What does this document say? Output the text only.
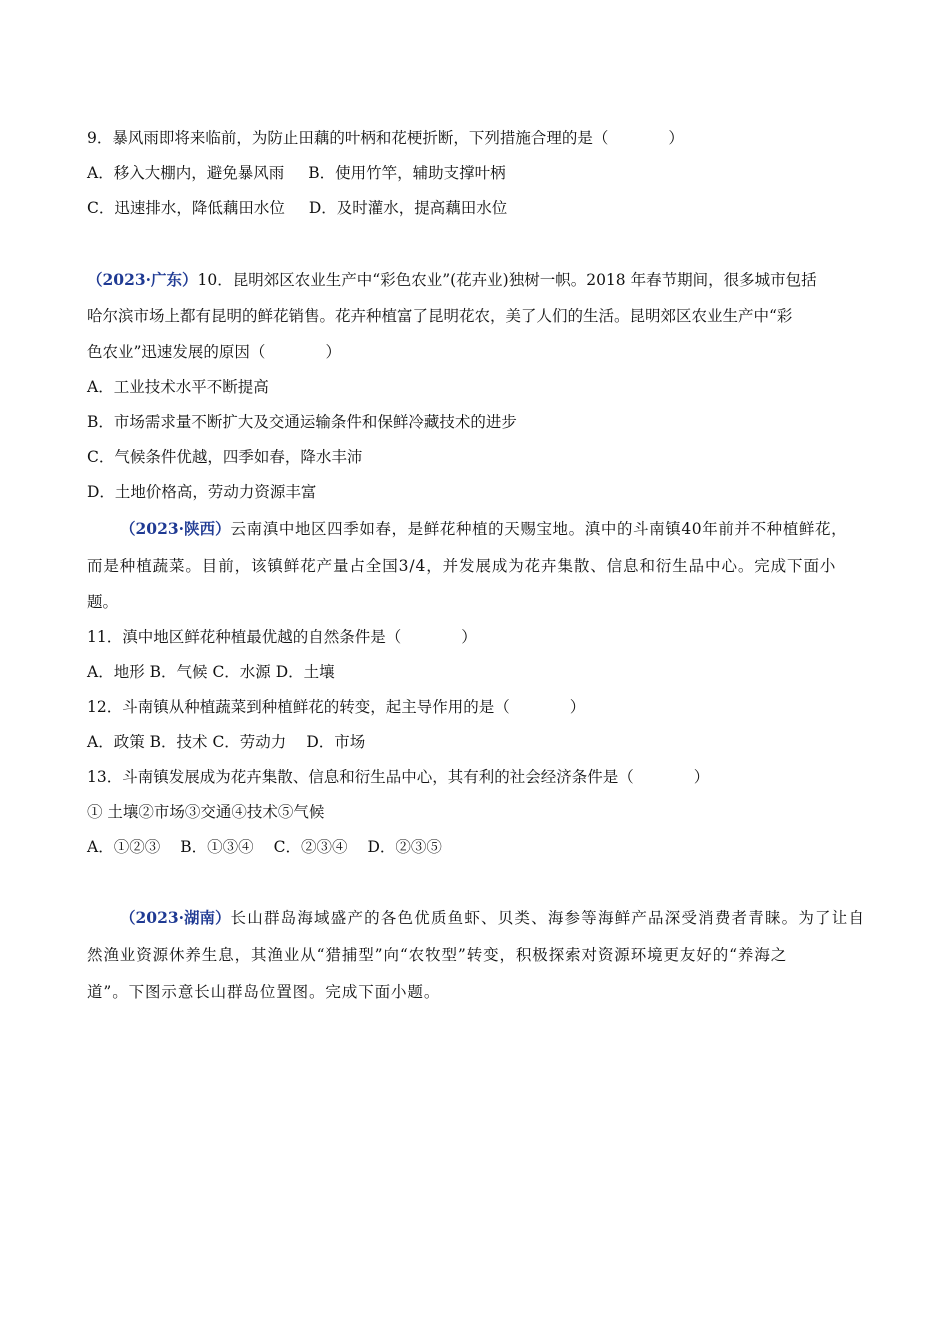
9．暴风雨即将来临前，为防止田藕的叶柄和花梗折断，下列措施合理的是（	）
A．移入大棚内，避免暴风雨 B．使用竹竿，辅助支撑叶柄
C．迅速排水，降低藕田水位 D．及时灌水，提高藕田水位
（2023·广东）10．昆明郊区农业生产中“彩色农业”(花卉业)独树一帜。2018 年春节期间，很多城市包括
哈尔滨市场上都有昆明的鲜花销售。花卉种植富了昆明花农，美了人们的生活。昆明郊区农业生产中“彩
色农业”迅速发展的原因（	）
A．工业技术水平不断提高
B．市场需求量不断扩大及交通运输条件和保鲜冷藏技术的进步
C．气候条件优越，四季如春，降水丰沛
D．土地价格高，劳动力资源丰富
（2023·陕西）云南滇中地区四季如春，是鲜花种植的天赐宝地。滇中的斗南镇40年前并不种植鲜花，
而是种植蔬菜。目前，该镇鲜花产量占全国3/4，并发展成为花卉集散、信息和衍生品中心。完成下面小
题。
11．滇中地区鲜花种植最优越的自然条件是（	）
A．地形 B．气候 C．水源 D．土壤
12．斗南镇从种植蔬菜到种植鲜花的转变，起主导作用的是（	）
A．政策 B．技术 C．劳动力 D．市场
13．斗南镇发展成为花卉集散、信息和衍生品中心，其有利的社会经济条件是（	）
① 土壤②市场③交通④技术⑤气候
A．①②③ B．①③④ C．②③④ D．②③⑤
（2023·湖南）长山群岛海域盛产的各色优质鱼虾、贝类、海参等海鲜产品深受消费者青睐。为了让自
然渔业资源休养生息，其渔业从“猎捕型”向“农牧型”转变，积极探索对资源环境更友好的“养海之
道”。下图示意长山群岛位置图。完成下面小题。
